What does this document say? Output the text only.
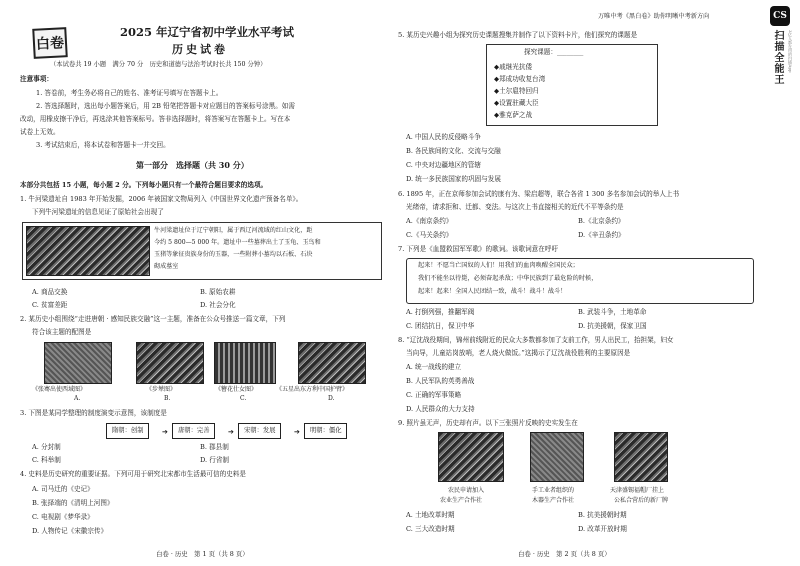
白卷
2025 年辽宁省初中学业水平考试
历史试卷
（本试卷共 19 小题　满分 70 分　历史和道德与法治考试时长共 150 分钟）
注意事项：
1. 答卷前，考生务必将自己的姓名、准考证号填写在答题卡上。
2. 答选择题时，选出每小题答案后，用 2B 铅笔把答题卡对应题目的答案标号涂黑。如需
改动，用橡皮擦干净后，再选涂其他答案标号。答非选择题时，将答案写在答题卡上。写在本
试卷上无效。
3. 考试结束后，将本试卷和答题卡一并交回。
第一部分　选择题（共 30 分）
本部分共包括 15 小题，每小题 2 分。下列每小题只有一个最符合题目要求的选项。
1. 牛河梁遗址自 1983 年开始发掘，2006 年被国家文物局列入《中国世界文化遗产预备名单》。
下列牛河梁遗址的信息见证了原始社会出现了
牛河梁遗址位于辽宁朝阳，属于西辽河流域的红山文化，距
今约 5 800—5 000 年。遗址中一些墓葬出土了玉龟、玉鸟和
玉猪等象征贵族身份的玉器，一些附葬小墓均以石板、石块
砌成墓室
A. 商品交换	B. 原始农耕
C. 贫富差距	D. 社会分化
2. 某历史小组围绕“走进唐朝 · 感知民族交融”这一主题，准备在公众号推送一篇文章，下列
符合该主题的配图是
《张骞出使西域图》	《步辇图》	《簪花仕女图》	《五星出东方利中国护臂》
A.	B.	C.	D.
3. 下图是某同学整理的制度演变示意图，该制度是
隋朝：创制	➔	唐朝：完善	➔	宋朝：发展	➔	明朝：僵化
A. 分封制	B. 郡县制
C. 科举制	D. 行省制
4. 史料是历史研究的重要证据。下列可用于研究北宋都市生活最可信的史料是
A. 司马迁的《史记》
B. 张择端的《清明上河图》
C. 电视剧《梦华录》
D. 人物传记《宋徽宗传》
白卷 · 历史　第 1 页（共 8 页）
万唯中考《黑白卷》助你明晰中考新方向
5. 某历史兴趣小组为探究历史课题搜集并制作了以下资料卡片，他们探究的课题是
探究课题：________
◆戚继光抗倭
◆郑成功收复台湾
◆土尔扈特回归
◆设置驻藏大臣
◆雅克萨之战
A. 中国人民的反侵略斗争
B. 各民族间的文化、交流与交融
C. 中央对边疆地区的管辖
D. 统一多民族国家的巩固与发展
6. 1895 年，正在京师参加会试的康有为、梁启超等，联合各省 1 300 多名参加会试的举人上书
光绪帝，请求拒和、迁都、变法。与这次上书直接相关的近代不平等条约是
A.《南京条约》	B.《北京条约》
C.《马关条约》	D.《辛丑条约》
7. 下列是《血盟救国军军歌》的歌词。该歌词意在呼吁
起来！不愿当亡国奴的人们！用我们的血肉唤醒全国民众；
我们不能坐以待毙，必须奋起杀敌；中华民族到了最危险的时候，
起来！起来！全国人民团结一致，战斗！战斗！战斗！
A. 打倒列强，推翻军阀	B. 武装斗争，土地革命
C. 团结抗日，保卫中华	D. 抗美援朝，保家卫国
8. “辽沈战役期间，锦州前线附近的民众大多数都参加了支前工作，男人出民工，抬担架，妇女
当向导，儿童站岗放哨，老人烧火做饭。”这揭示了辽沈战役胜利的主要原因是
A. 统一战线的建立
B. 人民军队的英勇善战
C. 正确的军事策略
D. 人民群众的大力支持
9. 照片虽无声，历史却有声。以下三张照片反映的史实发生在
农民申请加入
农业生产合作社
手工业者组织的
木器生产合作社
天津盛锡福帽厂挂上
公私合营后的新厂牌
A. 土地改革时期	B. 抗美援朝时期
C. 三大改造时期	D. 改革开放时期
白卷 · 历史　第 2 页（共 8 页）
CS
扫描全能王	3亿人都在用的扫描App
